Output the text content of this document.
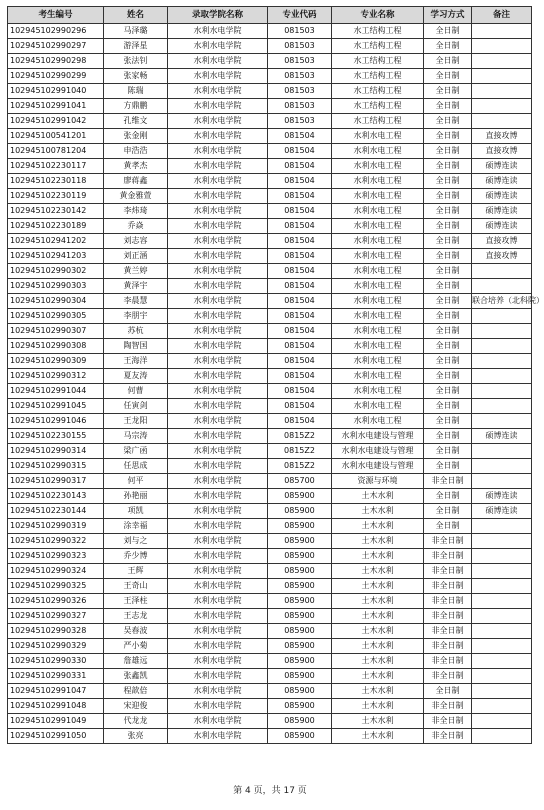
考生编号	姓名	录取学院名称	专业代码	专业名称	学习方式	备注
102945102990296	马泽璐	水利水电学院	081503	水工结构工程	全日制	
102945102990297	游泽星	水利水电学院	081503	水工结构工程	全日制	
102945102990298	张法钊	水利水电学院	081503	水工结构工程	全日制	
102945102990299	张家畅	水利水电学院	081503	水工结构工程	全日制	
102945102991040	陈瑞	水利水电学院	081503	水工结构工程	全日制	
102945102991041	方鼎鹏	水利水电学院	081503	水工结构工程	全日制	
102945102991042	孔维文	水利水电学院	081503	水工结构工程	全日制	
102945100541201	张金刚	水利水电学院	081504	水利水电工程	全日制	直接攻博
102945100781204	申浩浩	水利水电学院	081504	水利水电工程	全日制	直接攻博
102945102230117	黄孝杰	水利水电学院	081504	水利水电工程	全日制	硕博连读
102945102230118	廖蒋鑫	水利水电学院	081504	水利水电工程	全日制	硕博连读
102945102230119	黄金雅萱	水利水电学院	081504	水利水电工程	全日制	硕博连读
102945102230142	李炜琦	水利水电学院	081504	水利水电工程	全日制	硕博连读
102945102230189	乔焱	水利水电学院	081504	水利水电工程	全日制	硕博连读
102945102941202	刘志容	水利水电学院	081504	水利水电工程	全日制	直接攻博
102945102941203	刘正涵	水利水电学院	081504	水利水电工程	全日制	直接攻博
102945102990302	黄兰婷	水利水电学院	081504	水利水电工程	全日制	
102945102990303	黄泽宇	水利水电学院	081504	水利水电工程	全日制	
102945102990304	李晨慧	水利水电学院	081504	水利水电工程	全日制	联合培养（北科院）
102945102990305	李朋宇	水利水电学院	081504	水利水电工程	全日制	
102945102990307	苏杭	水利水电学院	081504	水利水电工程	全日制	
102945102990308	陶智国	水利水电学院	081504	水利水电工程	全日制	
102945102990309	王海洋	水利水电学院	081504	水利水电工程	全日制	
102945102990312	夏友涛	水利水电学院	081504	水利水电工程	全日制	
102945102991044	何曹	水利水电学院	081504	水利水电工程	全日制	
102945102991045	任寅剑	水利水电学院	081504	水利水电工程	全日制	
102945102991046	王龙阳	水利水电学院	081504	水利水电工程	全日制	
102945102230155	马宗涛	水利水电学院	0815Z2	水利水电建设与管理	全日制	硕博连读
102945102990314	梁广函	水利水电学院	0815Z2	水利水电建设与管理	全日制	
102945102990315	任思成	水利水电学院	0815Z2	水利水电建设与管理	全日制	
102945102990317	何平	水利水电学院	085700	资源与环境	非全日制	
102945102230143	孙艳丽	水利水电学院	085900	土木水利	全日制	硕博连读
102945102230144	项凯	水利水电学院	085900	土木水利	全日制	硕博连读
102945102990319	涂幸福	水利水电学院	085900	土木水利	全日制	
102945102990322	刘与之	水利水电学院	085900	土木水利	非全日制	
102945102990323	乔少博	水利水电学院	085900	土木水利	非全日制	
102945102990324	王辉	水利水电学院	085900	土木水利	非全日制	
102945102990325	王奇山	水利水电学院	085900	土木水利	非全日制	
102945102990326	王泽柱	水利水电学院	085900	土木水利	非全日制	
102945102990327	王志龙	水利水电学院	085900	土木水利	非全日制	
102945102990328	吴春波	水利水电学院	085900	土木水利	非全日制	
102945102990329	严小菊	水利水电学院	085900	土木水利	非全日制	
102945102990330	詹雄远	水利水电学院	085900	土木水利	非全日制	
102945102990331	张鑫凯	水利水电学院	085900	土木水利	非全日制	
102945102991047	程歆倍	水利水电学院	085900	土木水利	全日制	
102945102991048	宋迎俊	水利水电学院	085900	土木水利	非全日制	
102945102991049	代龙龙	水利水电学院	085900	土木水利	非全日制	
102945102991050	张亮	水利水电学院	085900	土木水利	非全日制	
第 4 页，共 17 页
